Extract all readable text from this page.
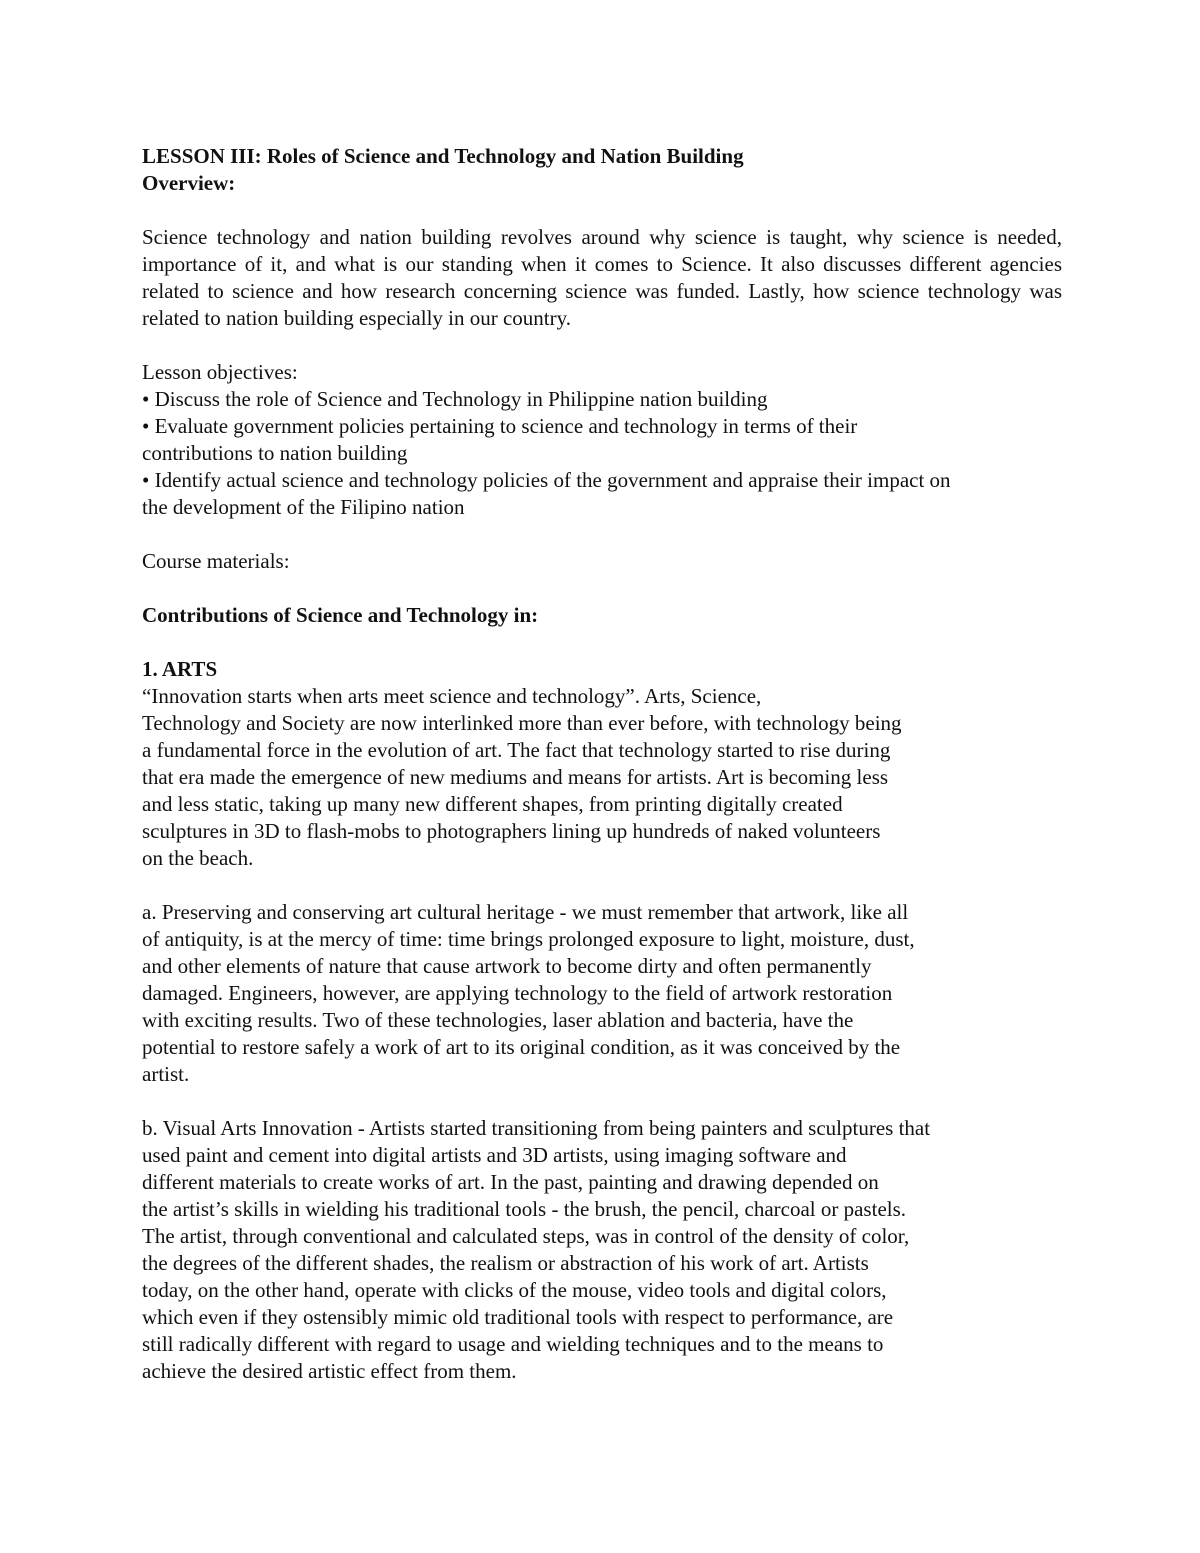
LESSON III: Roles of Science and Technology and Nation Building

Overview:

Science technology and nation building revolves around why science is taught, why science is needed, importance of it, and what is our standing when it comes to Science. It also discusses different agencies related to science and how research concerning science was funded. Lastly, how science technology was related to nation building especially in our country.

Lesson objectives:

• Discuss the role of Science and Technology in Philippine nation building
• Evaluate government policies pertaining to science and technology in terms of their contributions to nation building
• Identify actual science and technology policies of the government and appraise their impact on the development of the Filipino nation

Course materials:

Contributions of Science and Technology in:

1. ARTS

“Innovation starts when arts meet science and technology”. Arts, Science,

Technology and Society are now interlinked more than ever before, with technology being

a fundamental force in the evolution of art. The fact that technology started to rise during

that era made the emergence of new mediums and means for artists. Art is becoming less

and less static, taking up many new different shapes, from printing digitally created

sculptures in 3D to flash-mobs to photographers lining up hundreds of naked volunteers

on the beach.

a. Preserving and conserving art cultural heritage - we must remember that artwork, like all

of antiquity, is at the mercy of time: time brings prolonged exposure to light, moisture, dust,

and other elements of nature that cause artwork to become dirty and often permanently

damaged. Engineers, however, are applying technology to the field of artwork restoration

with exciting results. Two of these technologies, laser ablation and bacteria, have the

potential to restore safely a work of art to its original condition, as it was conceived by the

artist.

b. Visual Arts Innovation - Artists started transitioning from being painters and sculptures that

used paint and cement into digital artists and 3D artists, using imaging software and

different materials to create works of art. In the past, painting and drawing depended on

the artist’s skills in wielding his traditional tools - the brush, the pencil, charcoal or pastels.

The artist, through conventional and calculated steps, was in control of the density of color,

the degrees of the different shades, the realism or abstraction of his work of art. Artists

today, on the other hand, operate with clicks of the mouse, video tools and digital colors,

which even if they ostensibly mimic old traditional tools with respect to performance, are

still radically different with regard to usage and wielding techniques and to the means to

achieve the desired artistic effect from them.
